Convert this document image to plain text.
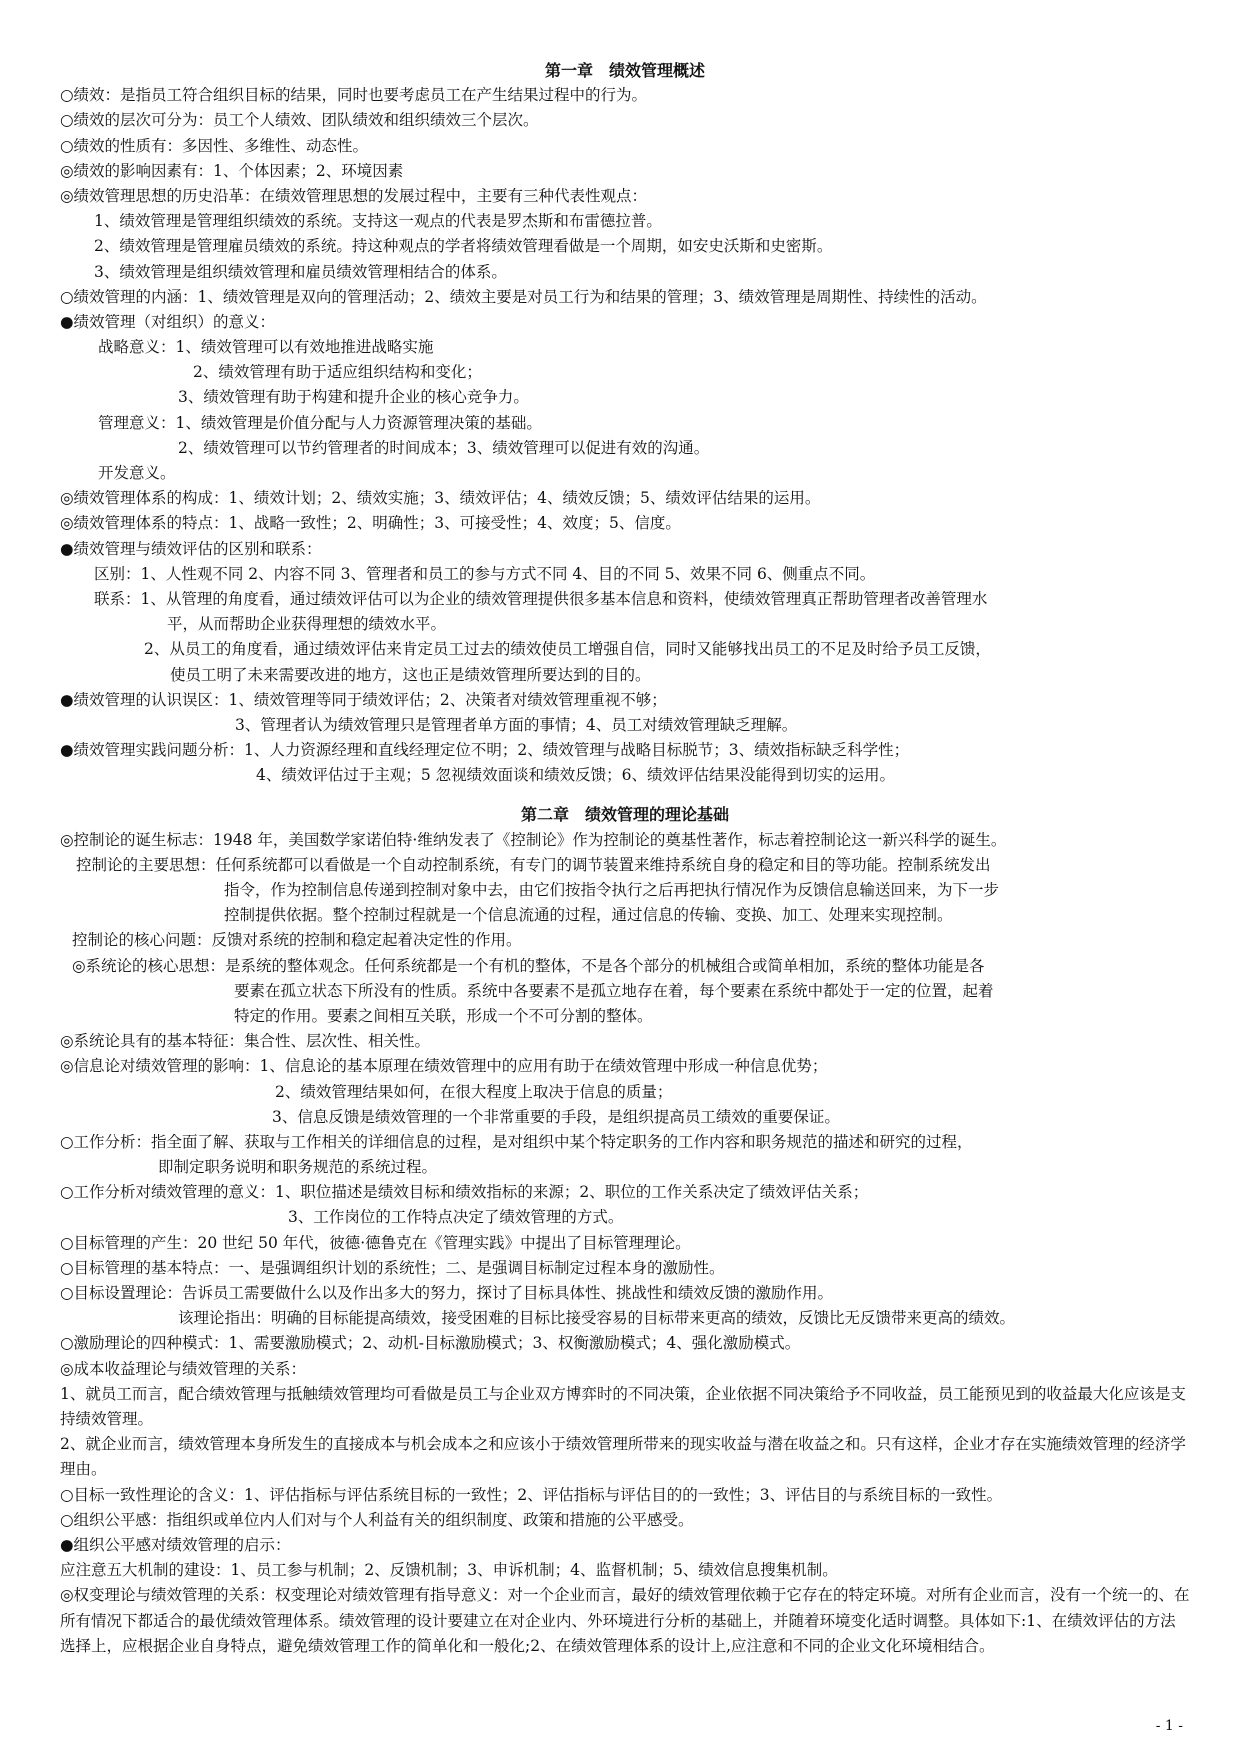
第一章　绩效管理概述
○绩效：是指员工符合组织目标的结果，同时也要考虑员工在产生结果过程中的行为。
○绩效的层次可分为：员工个人绩效、团队绩效和组织绩效三个层次。
○绩效的性质有：多因性、多维性、动态性。
◎绩效的影响因素有：1、个体因素；2、环境因素
◎绩效管理思想的历史沿革：在绩效管理思想的发展过程中，主要有三种代表性观点：
1、绩效管理是管理组织绩效的系统。支持这一观点的代表是罗杰斯和布雷德拉普。
2、绩效管理是管理雇员绩效的系统。持这种观点的学者将绩效管理看做是一个周期，如安史沃斯和史密斯。
3、绩效管理是组织绩效管理和雇员绩效管理相结合的体系。
○绩效管理的内涵：1、绩效管理是双向的管理活动；2、绩效主要是对员工行为和结果的管理；3、绩效管理是周期性、持续性的活动。
●绩效管理（对组织）的意义：
战略意义：1、绩效管理可以有效地推进战略实施
2、绩效管理有助于适应组织结构和变化；
3、绩效管理有助于构建和提升企业的核心竞争力。
管理意义：1、绩效管理是价值分配与人力资源管理决策的基础。
2、绩效管理可以节约管理者的时间成本；3、绩效管理可以促进有效的沟通。
开发意义。
◎绩效管理体系的构成：1、绩效计划；2、绩效实施；3、绩效评估；4、绩效反馈；5、绩效评估结果的运用。
◎绩效管理体系的特点：1、战略一致性；2、明确性；3、可接受性；4、效度；5、信度。
●绩效管理与绩效评估的区别和联系：
区别：1、人性观不同 2、内容不同 3、管理者和员工的参与方式不同 4、目的不同 5、效果不同 6、侧重点不同。
联系：1、从管理的角度看，通过绩效评估可以为企业的绩效管理提供很多基本信息和资料，使绩效管理真正帮助管理者改善管理水
平，从而帮助企业获得理想的绩效水平。
2、从员工的角度看，通过绩效评估来肯定员工过去的绩效使员工增强自信，同时又能够找出员工的不足及时给予员工反馈，
使员工明了未来需要改进的地方，这也正是绩效管理所要达到的目的。
●绩效管理的认识误区：1、绩效管理等同于绩效评估；2、决策者对绩效管理重视不够；
3、管理者认为绩效管理只是管理者单方面的事情；4、员工对绩效管理缺乏理解。
●绩效管理实践问题分析：1、人力资源经理和直线经理定位不明；2、绩效管理与战略目标脱节；3、绩效指标缺乏科学性；
4、绩效评估过于主观；5 忽视绩效面谈和绩效反馈；6、绩效评估结果没能得到切实的运用。
第二章　绩效管理的理论基础
◎控制论的诞生标志：1948 年，美国数学家诺伯特·维纳发表了《控制论》作为控制论的奠基性著作，标志着控制论这一新兴科学的诞生。
控制论的主要思想：任何系统都可以看做是一个自动控制系统，有专门的调节装置来维持系统自身的稳定和目的等功能。控制系统发出
指令，作为控制信息传递到控制对象中去，由它们按指令执行之后再把执行情况作为反馈信息输送回来，为下一步
控制提供依据。整个控制过程就是一个信息流通的过程，通过信息的传输、变换、加工、处理来实现控制。
控制论的核心问题：反馈对系统的控制和稳定起着决定性的作用。
◎系统论的核心思想：是系统的整体观念。任何系统都是一个有机的整体，不是各个部分的机械组合或简单相加，系统的整体功能是各
要素在孤立状态下所没有的性质。系统中各要素不是孤立地存在着，每个要素在系统中都处于一定的位置，起着
特定的作用。要素之间相互关联，形成一个不可分割的整体。
◎系统论具有的基本特征：集合性、层次性、相关性。
◎信息论对绩效管理的影响：1、信息论的基本原理在绩效管理中的应用有助于在绩效管理中形成一种信息优势；
2、绩效管理结果如何，在很大程度上取决于信息的质量；
3、信息反馈是绩效管理的一个非常重要的手段，是组织提高员工绩效的重要保证。
○工作分析：指全面了解、获取与工作相关的详细信息的过程，是对组织中某个特定职务的工作内容和职务规范的描述和研究的过程，
即制定职务说明和职务规范的系统过程。
○工作分析对绩效管理的意义：1、职位描述是绩效目标和绩效指标的来源；2、职位的工作关系决定了绩效评估关系；
3、工作岗位的工作特点决定了绩效管理的方式。
○目标管理的产生：20 世纪 50 年代，彼德·德鲁克在《管理实践》中提出了目标管理理论。
○目标管理的基本特点：一、是强调组织计划的系统性；二、是强调目标制定过程本身的激励性。
○目标设置理论：告诉员工需要做什么以及作出多大的努力，探讨了目标具体性、挑战性和绩效反馈的激励作用。
该理论指出：明确的目标能提高绩效，接受困难的目标比接受容易的目标带来更高的绩效，反馈比无反馈带来更高的绩效。
○激励理论的四种模式：1、需要激励模式；2、动机-目标激励模式；3、权衡激励模式；4、强化激励模式。
◎成本收益理论与绩效管理的关系：
1、就员工而言，配合绩效管理与抵触绩效管理均可看做是员工与企业双方博弈时的不同决策，企业依据不同决策给予不同收益，员工能预见到的收益最大化应该是支持绩效管理。
2、就企业而言，绩效管理本身所发生的直接成本与机会成本之和应该小于绩效管理所带来的现实收益与潜在收益之和。只有这样，企业才存在实施绩效管理的经济学理由。
○目标一致性理论的含义：1、评估指标与评估系统目标的一致性；2、评估指标与评估目的的一致性；3、评估目的与系统目标的一致性。
○组织公平感：指组织或单位内人们对与个人利益有关的组织制度、政策和措施的公平感受。
●组织公平感对绩效管理的启示：
应注意五大机制的建设：1、员工参与机制；2、反馈机制；3、申诉机制；4、监督机制；5、绩效信息搜集机制。
◎权变理论与绩效管理的关系：权变理论对绩效管理有指导意义：对一个企业而言，最好的绩效管理依赖于它存在的特定环境。对所有企业而言，没有一个统一的、在所有情况下都适合的最优绩效管理体系。绩效管理的设计要建立在对企业内、外环境进行分析的基础上，并随着环境变化适时调整。具体如下:1、在绩效评估的方法选择上，应根据企业自身特点，避免绩效管理工作的简单化和一般化;2、在绩效管理体系的设计上,应注意和不同的企业文化环境相结合。
- 1 -
